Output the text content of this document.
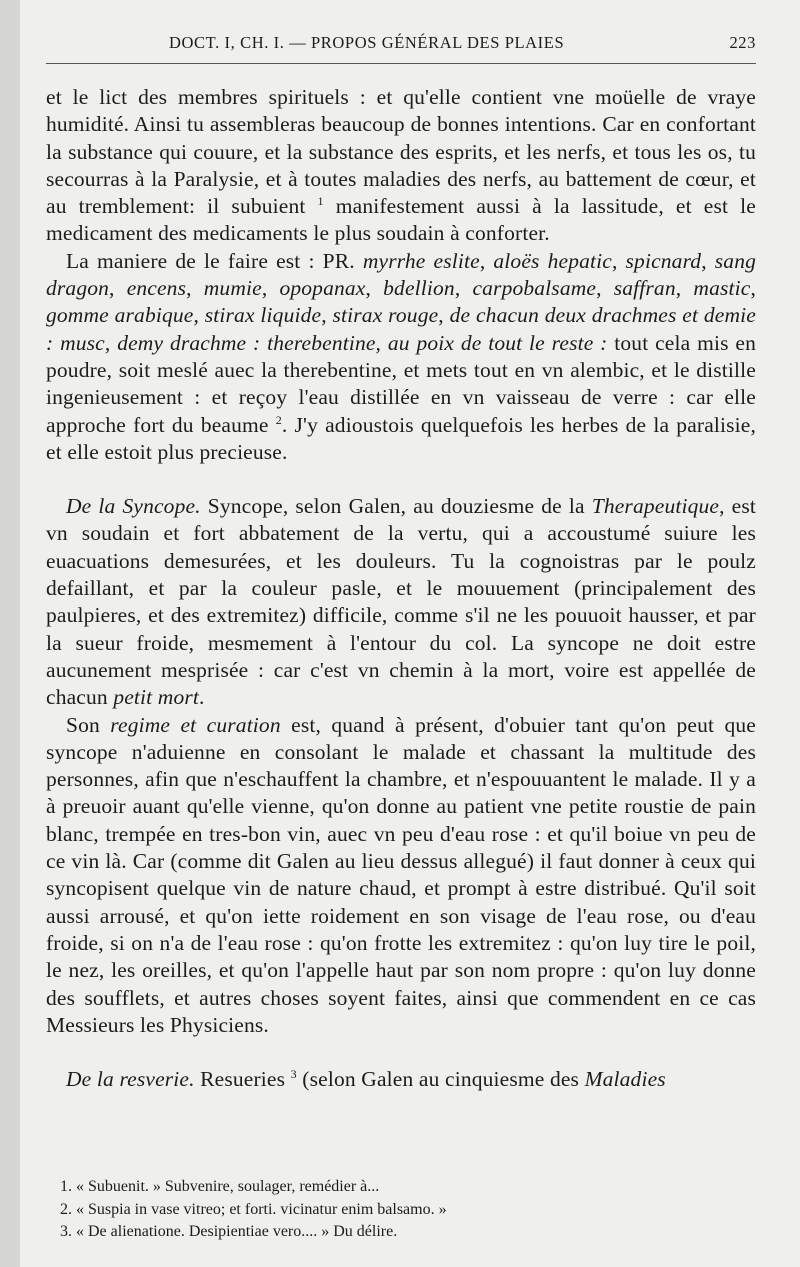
DOCT. I, CH. I. — PROPOS GÉNÉRAL DES PLAIES	223

et le lict des membres spirituels : et qu'elle contient vne moüelle de vraye humidité. Ainsi tu assembleras beaucoup de bonnes intentions. Car en confortant la substance qui couure, et la substance des esprits, et les nerfs, et tous les os, tu secourras à la Paralysie, et à toutes maladies des nerfs, au battement de cœur, et au tremblement: il subuient $^1$ manifestement aussi à la lassitude, et est le medicament des medicaments le plus soudain à conforter.

La maniere de le faire est : PR. myrrhe eslite, aloës hepatic, spicnard, sang dragon, encens, mumie, opopanax, bdellion, carpobalsame, saffran, mastic, gomme arabique, stirax liquide, stirax rouge, de chacun deux drachmes et demie : musc, demy drachme : therebentine, au poix de tout le reste : tout cela mis en poudre, soit meslé auec la therebentine, et mets tout en vn alembic, et le distille ingenieusement : et reçoy l'eau distillée en vn vaisseau de verre : car elle approche fort du beaume $^2$. J'y adioustois quelquefois les herbes de la paralisie, et elle estoit plus precieuse.

De la Syncope. Syncope, selon Galen, au douziesme de la Therapeutique, est vn soudain et fort abbatement de la vertu, qui a accoustumé suiure les euacuations demesurées, et les douleurs. Tu la cognoistras par le poulz defaillant, et par la couleur pasle, et le mouuement (principalement des paulpieres, et des extremitez) difficile, comme s'il ne les pouuoit hausser, et par la sueur froide, mesmement à l'entour du col. La syncope ne doit estre aucunement mesprisée : car c'est vn chemin à la mort, voire est appellée de chacun petit mort.

Son regime et curation est, quand à présent, d'obuier tant qu'on peut que syncope n'aduienne en consolant le malade et chassant la multitude des personnes, afin que n'eschauffent la chambre, et n'espouuantent le malade. Il y a à preuoir auant qu'elle vienne, qu'on donne au patient vne petite roustie de pain blanc, trempée en tres-bon vin, auec vn peu d'eau rose : et qu'il boiue vn peu de ce vin là. Car (comme dit Galen au lieu dessus allegué) il faut donner à ceux qui syncopisent quelque vin de nature chaud, et prompt à estre distribué. Qu'il soit aussi arrousé, et qu'on iette roidement en son visage de l'eau rose, ou d'eau froide, si on n'a de l'eau rose : qu'on frotte les extremitez : qu'on luy tire le poil, le nez, les oreilles, et qu'on l'appelle haut par son nom propre : qu'on luy donne des soufflets, et autres choses soyent faites, ainsi que commendent en ce cas Messieurs les Physiciens.

De la resverie. Resueries $^3$ (selon Galen au cinquiesme des Maladies

1. « Subuenit. » Subvenire, soulager, remédier à...
2. « Suspia in vase vitreo; et forti. vicinatur enim balsamo. »
3. « De alienatione. Desipientiae vero.... » Du délire.
